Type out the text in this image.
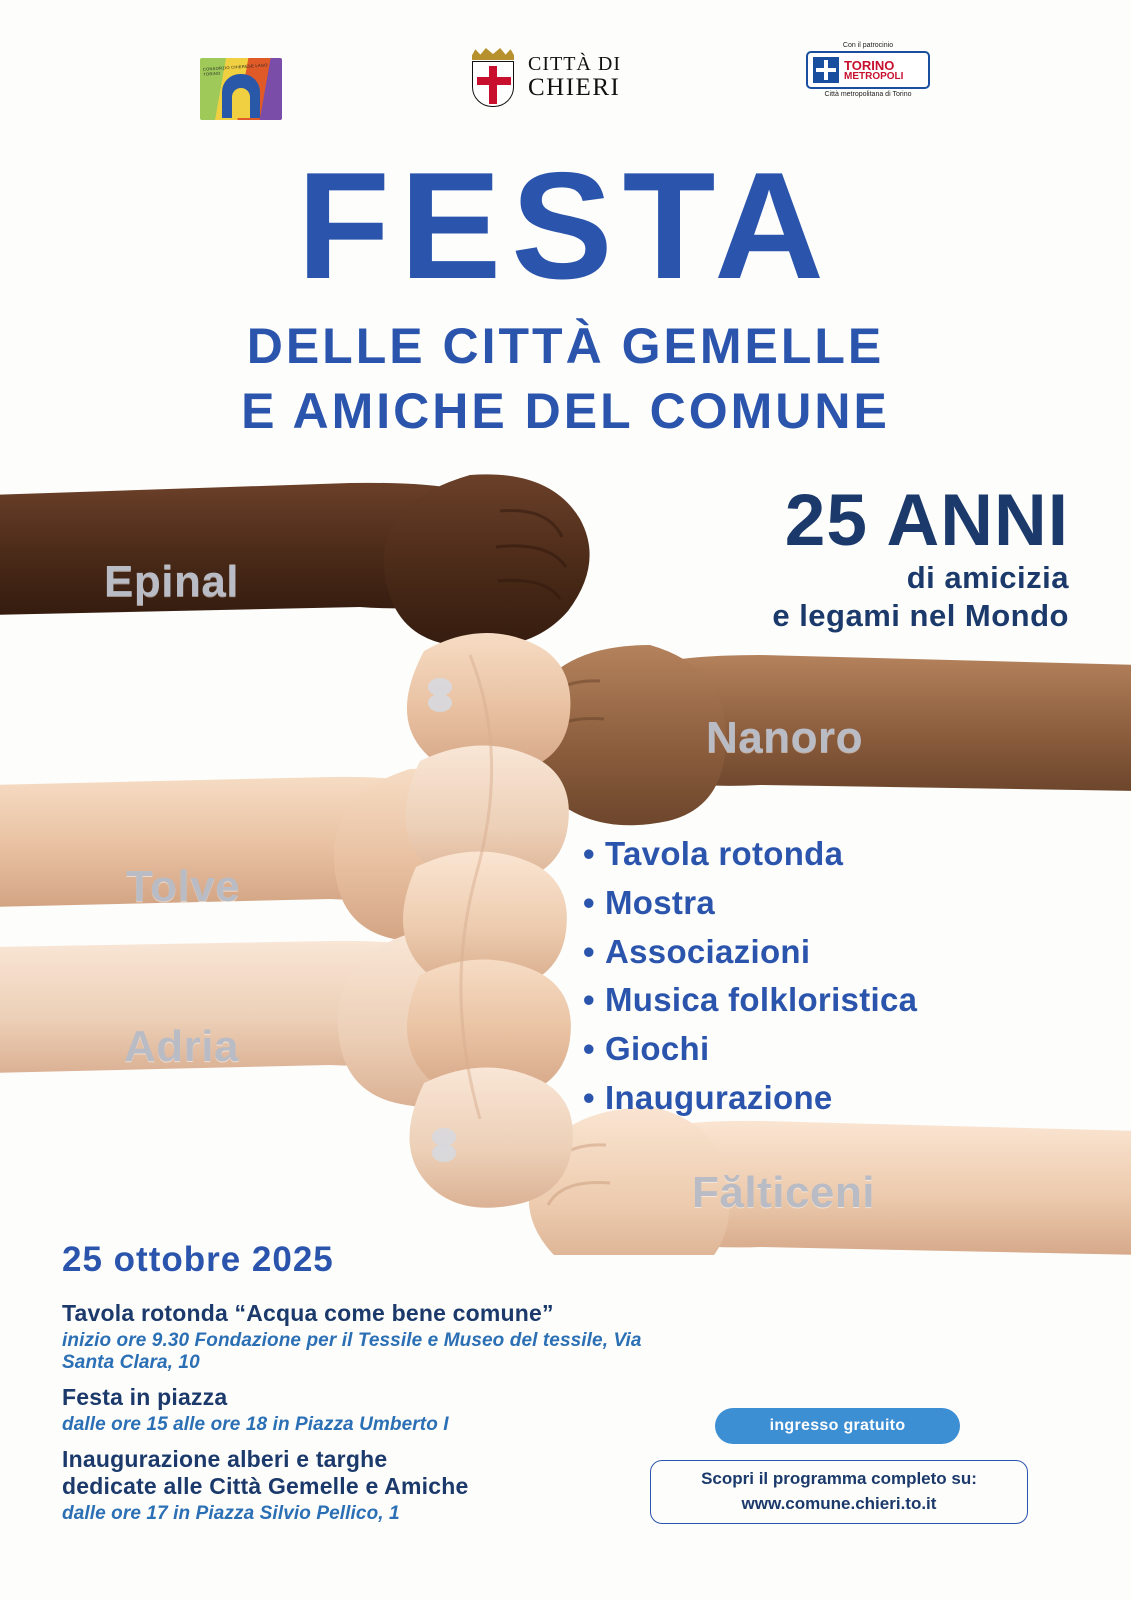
CONSORZIO CHIERESE LAGO TORINO	CITTÀ DI
CHIERI
Con il patrocinio
TORINO
METROPOLI
Città metropolitana di Torino
FESTA
DELLE CITTÀ GEMELLE
E AMICHE DEL COMUNE
25 ANNI
di amicizia
e legami nel Mondo
Epinal
Nanoro
Tolve
Adria
Fălticeni
• Tavola rotonda
• Mostra
• Associazioni
• Musica folkloristica
• Giochi
• Inaugurazione
25 ottobre 2025
Tavola rotonda “Acqua come bene comune”
inizio ore 9.30 Fondazione per il Tessile e Museo del tessile, Via Santa Clara, 10
Festa in piazza
dalle ore 15 alle ore 18 in Piazza Umberto I
Inaugurazione alberi e targhe
dedicate alle Città Gemelle e Amiche
dalle ore 17 in Piazza Silvio Pellico, 1
ingresso gratuito
Scopri il programma completo su:
www.comune.chieri.to.it
